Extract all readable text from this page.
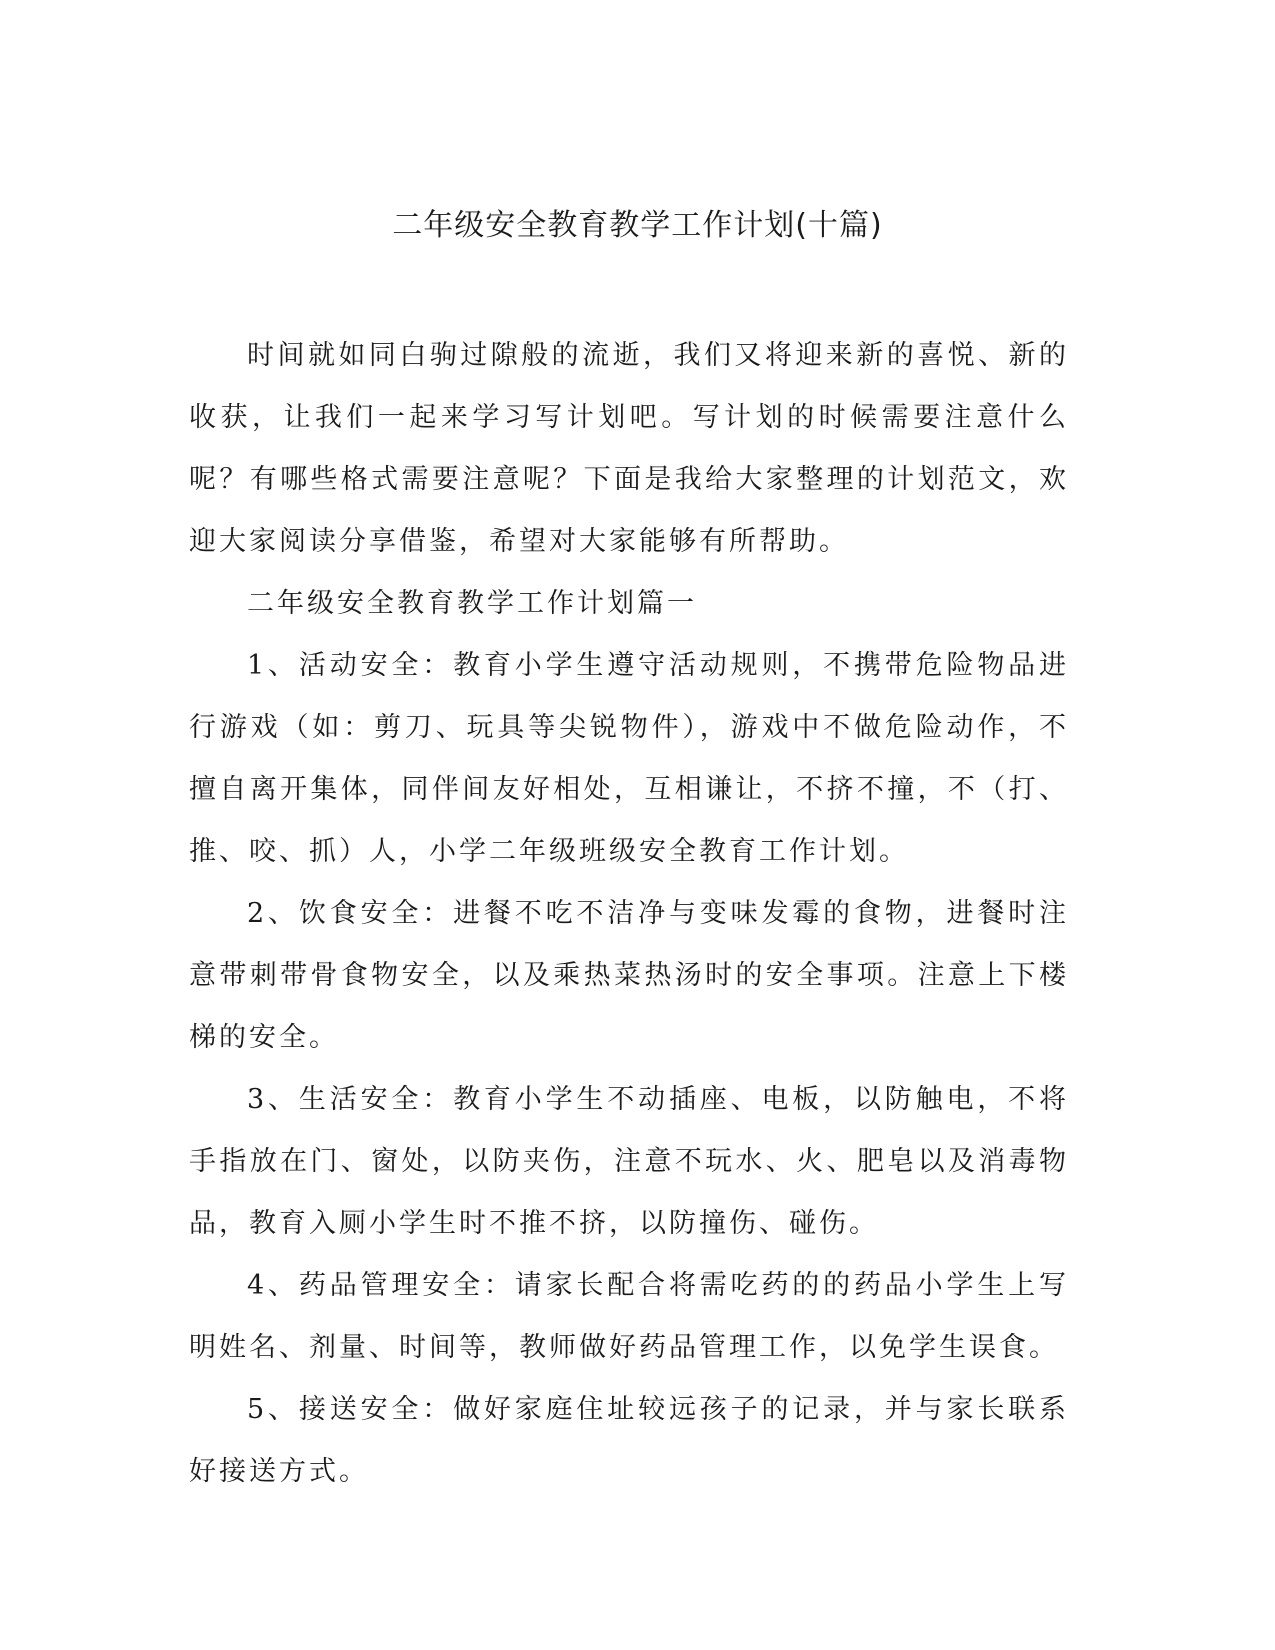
二年级安全教育教学工作计划(十篇)

时间就如同白驹过隙般的流逝，我们又将迎来新的喜悦、新的收获，让我们一起来学习写计划吧。写计划的时候需要注意什么呢？有哪些格式需要注意呢？下面是我给大家整理的计划范文，欢迎大家阅读分享借鉴，希望对大家能够有所帮助。

二年级安全教育教学工作计划篇一

1、活动安全：教育小学生遵守活动规则，不携带危险物品进行游戏（如：剪刀、玩具等尖锐物件），游戏中不做危险动作，不擅自离开集体，同伴间友好相处，互相谦让，不挤不撞，不（打、推、咬、抓）人，小学二年级班级安全教育工作计划。

2、饮食安全：进餐不吃不洁净与变味发霉的食物，进餐时注意带刺带骨食物安全，以及乘热菜热汤时的安全事项。注意上下楼梯的安全。

3、生活安全：教育小学生不动插座、电板，以防触电，不将手指放在门、窗处，以防夹伤，注意不玩水、火、肥皂以及消毒物品，教育入厕小学生时不推不挤，以防撞伤、碰伤。

4、药品管理安全：请家长配合将需吃药的的药品小学生上写明姓名、剂量、时间等，教师做好药品管理工作，以免学生误食。

5、接送安全：做好家庭住址较远孩子的记录，并与家长联系好接送方式。
